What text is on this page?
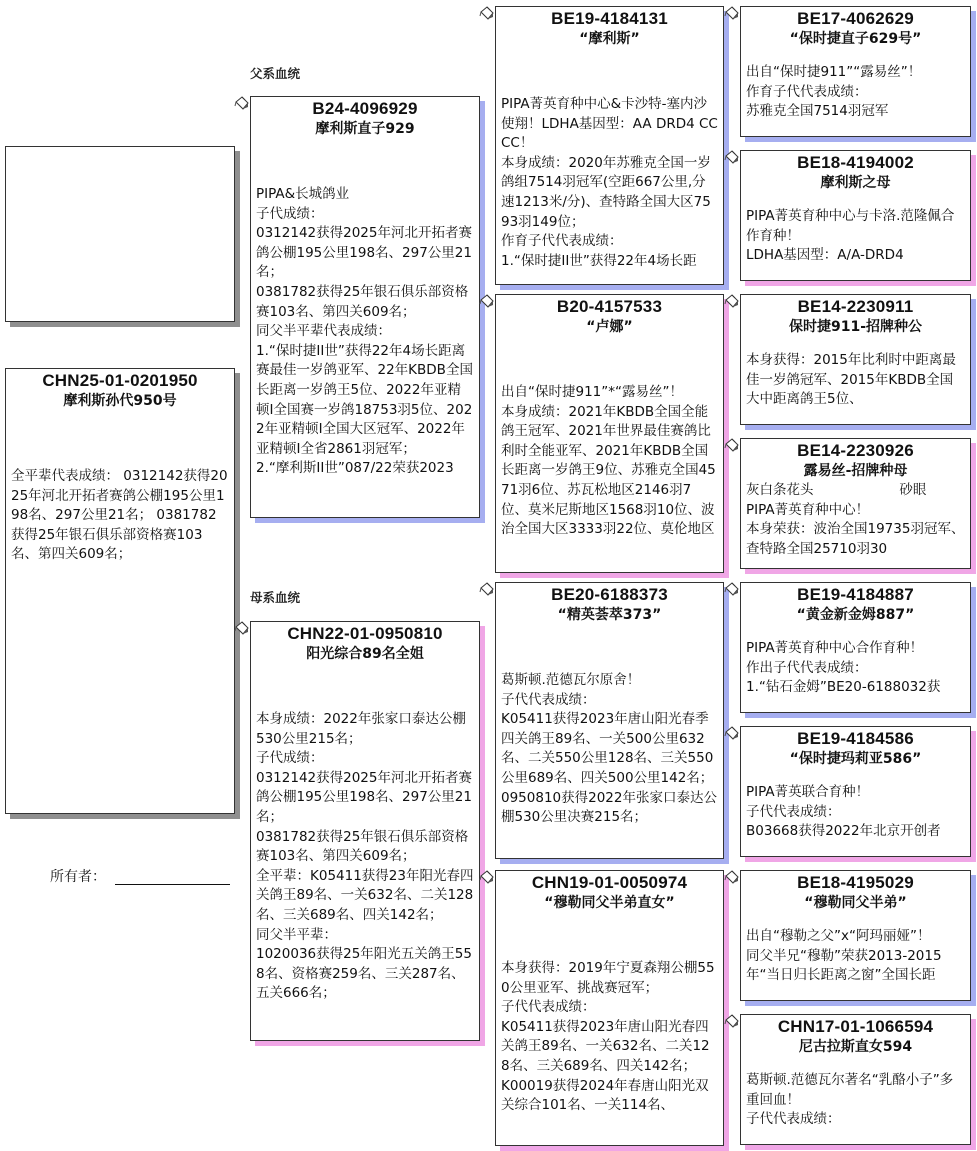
CHN25-01-0201950
摩利斯孙代950号
全平辈代表成绩： 0312142获得2025年河北开拓者赛鸽公棚195公里198名、297公里21名； 0381782获得25年银石俱乐部资格赛103名、第四关609名；
所有者：
父系血统
母系血统
B24-4096929
摩利斯直子929
PIPA&长城鸽业
子代成绩：
0312142获得2025年河北开拓者赛鸽公棚195公里198名、297公里21名；
0381782获得25年银石俱乐部资格赛103名、第四关609名；
同父半平辈代表成绩：
1.“保时捷II世”获得22年4场长距离赛最佳一岁鸽亚军、22年KBDB全国长距离一岁鸽王5位、2022年亚精顿I全国赛一岁鸽18753羽5位、2022年亚精顿I全国大区冠军、2022年亚精顿I全省2861羽冠军；
2.“摩利斯II世”087/22荣获2023
CHN22-01-0950810
阳光综合89名全姐
本身成绩：2022年张家口泰达公棚530公里215名；
子代成绩：
0312142获得2025年河北开拓者赛鸽公棚195公里198名、297公里21名；
0381782获得25年银石俱乐部资格赛103名、第四关609名；
全平辈：K05411获得23年阳光春四关鸽王89名、一关632名、二关128名、三关689名、四关142名；
同父半平辈：
1020036获得25年阳光五关鸽王558名、资格赛259名、三关287名、五关666名；
BE19-4184131
“摩利斯”
PIPA菁英育种中心&卡沙特-塞内沙使翔！LDHA基因型：AA DRD4 CCCC！
本身成绩：2020年苏雅克全国一岁鸽组7514羽冠军(空距667公里,分速1213米/分)、查特路全国大区7593羽149位；
作育子代代表成绩：
1.“保时捷II世”获得22年4场长距
B20-4157533
“卢娜”
出自“保时捷911”*“露易丝”！
本身成绩：2021年KBDB全国全能鸽王冠军、2021年世界最佳赛鸽比利时全能亚军、2021年KBDB全国长距离一岁鸽王9位、苏雅克全国4571羽6位、苏瓦松地区2146羽7位、莫米尼斯地区1568羽10位、波治全国大区3333羽22位、莫伦地区
BE20-6188373
“精英荟萃373”
葛斯顿.范德瓦尔原舍！
子代代表成绩：
K05411获得2023年唐山阳光春季四关鸽王89名、一关500公里632名、二关550公里128名、三关550公里689名、四关500公里142名；
0950810获得2022年张家口泰达公棚530公里决赛215名；
CHN19-01-0050974
“穆勒同父半弟直女”
本身获得：2019年宁夏森翔公棚550公里亚军、挑战赛冠军；
子代代表成绩：
K05411获得2023年唐山阳光春四关鸽王89名、一关632名、二关128名、三关689名、四关142名；
K00019获得2024年春唐山阳光双关综合101名、一关114名、
BE17-4062629
“保时捷直子629号”
出自“保时捷911”“露易丝”！
作育子代代表成绩：
苏雅克全国7514羽冠军
BE18-4194002
摩利斯之母
PIPA菁英育种中心与卡洛.范隆佩合作育种！
LDHA基因型：A/A-DRD4
BE14-2230911
保时捷911-招牌种公
本身获得：2015年比利时中距离最佳一岁鸽冠军、2015年KBDB全国大中距离鸽王5位、
BE14-2230926
露易丝-招牌种母
灰白条花头                    砂眼
PIPA菁英育种中心！
本身荣获：波治全国19735羽冠军、查特路全国25710羽30
BE19-4184887
“黄金新金姆887”
PIPA菁英育种中心合作育种！
作出子代代表成绩：
1.“钻石金姆”BE20-6188032获
BE19-4184586
“保时捷玛莉亚586”
PIPA菁英联合育种！
子代代表成绩：
B03668获得2022年北京开创者
BE18-4195029
“穆勒同父半弟”
出自“穆勒之父”x“阿玛丽娅”！
同父半兄“穆勒”荣获2013-2015年“当日归长距离之窗”全国长距
CHN17-01-1066594
尼古拉斯直女594
葛斯顿.范德瓦尔著名“乳酪小子”多重回血！
子代代表成绩：
